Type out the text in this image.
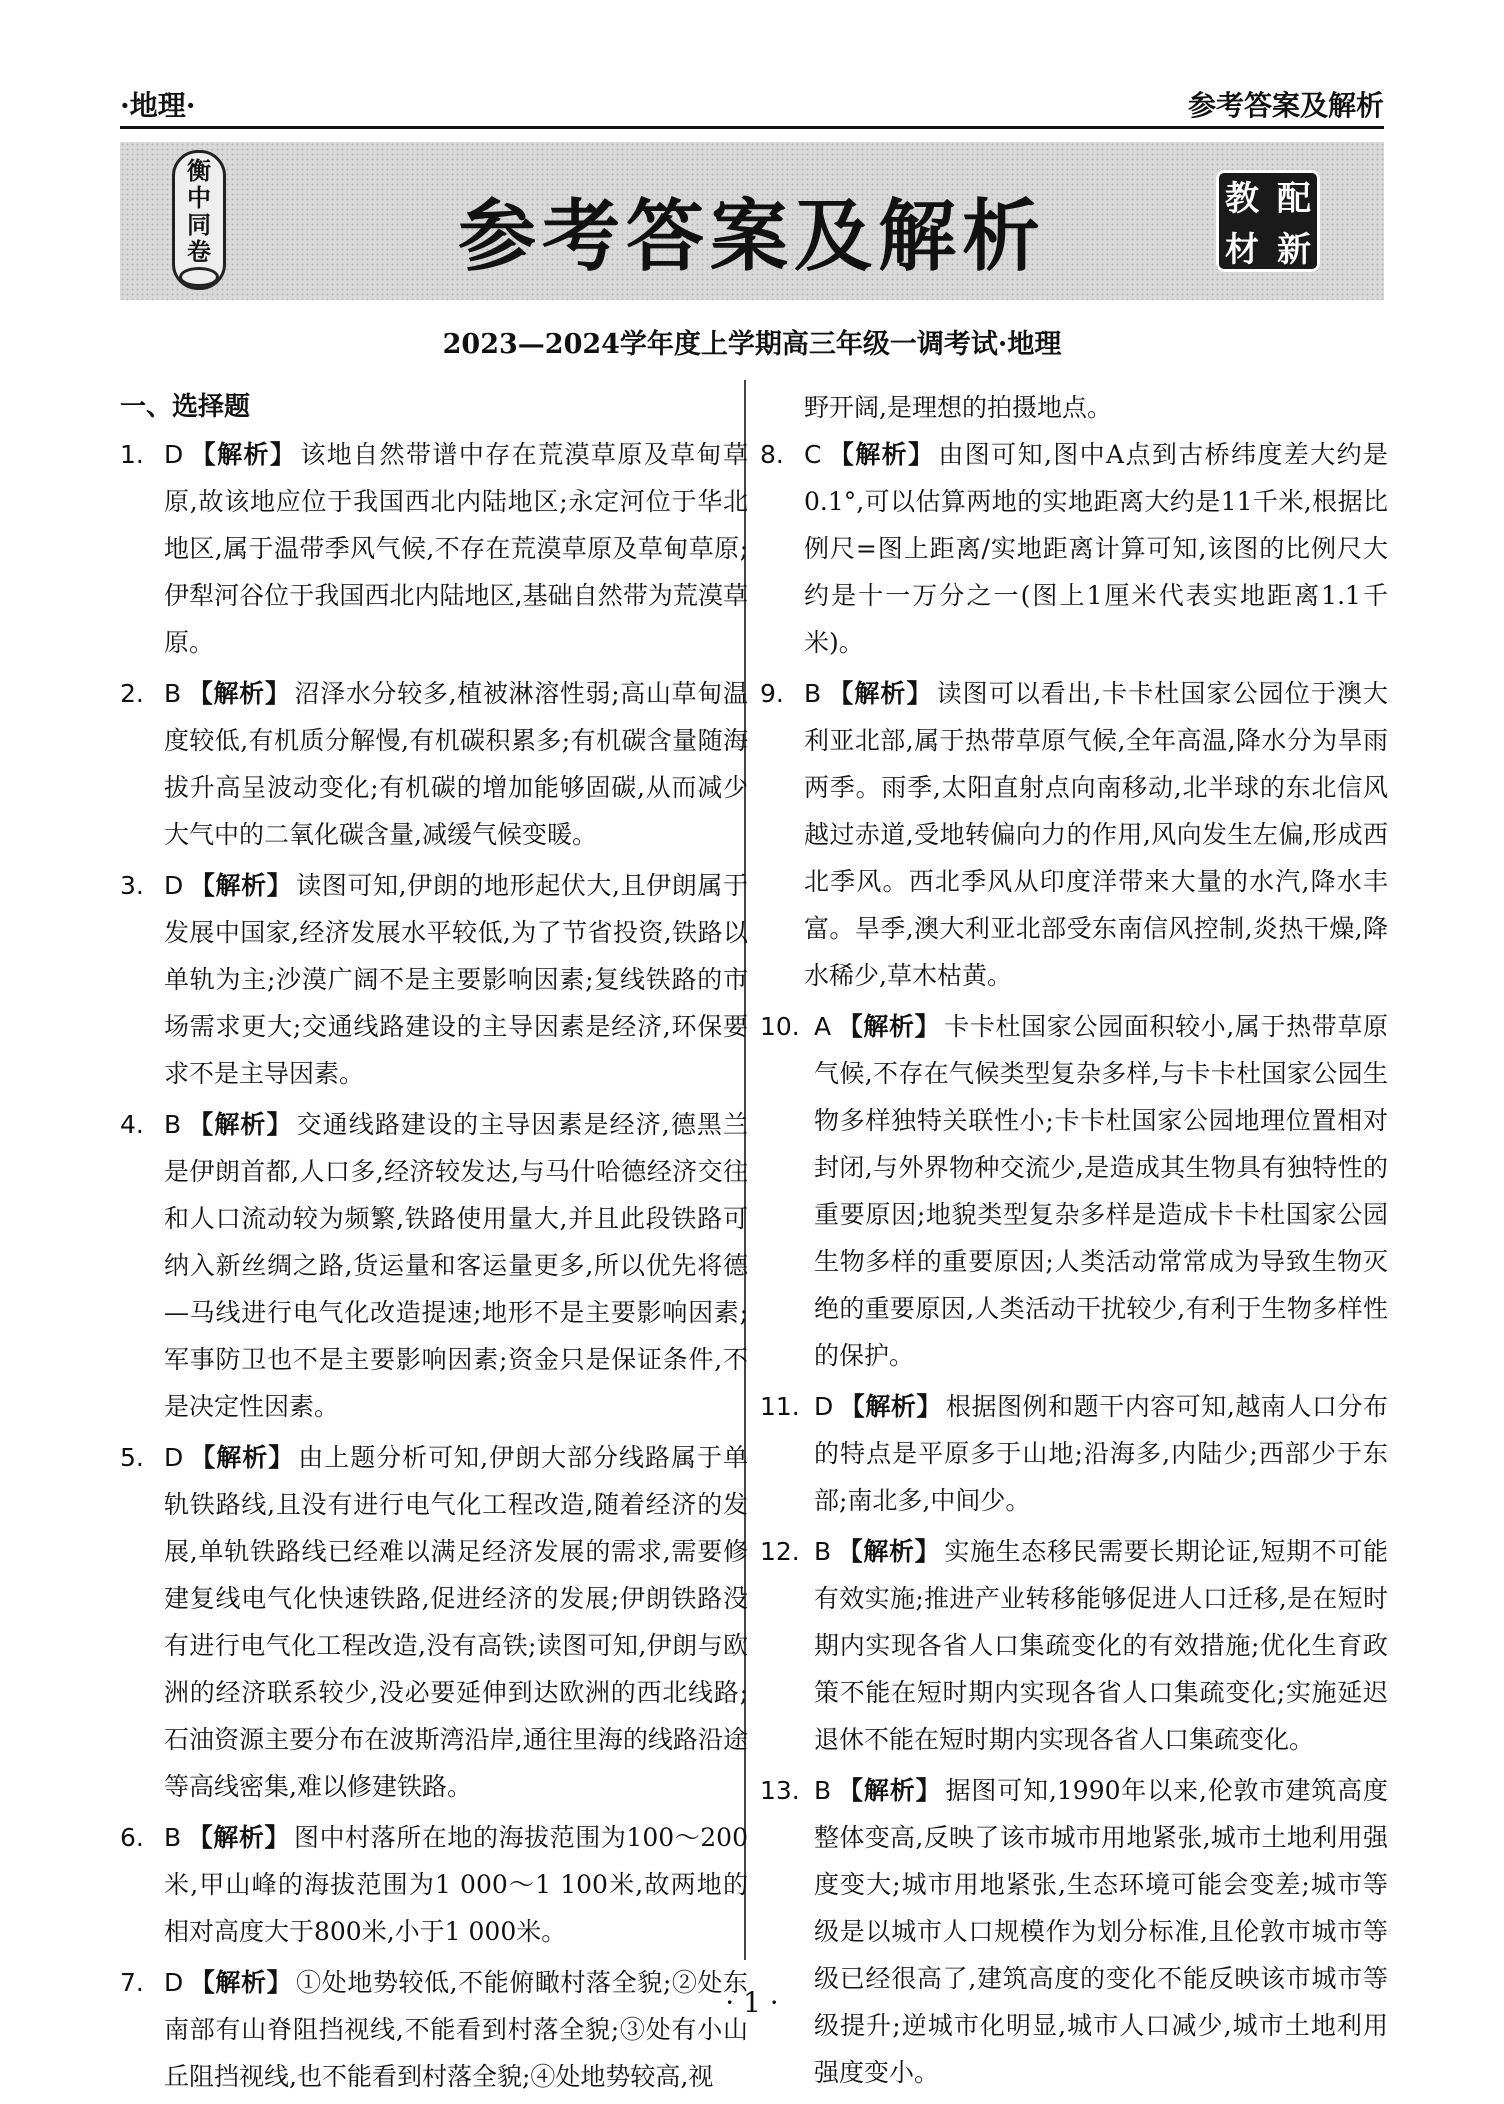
·地理·	参考答案及解析
衡
中
同
卷	参考答案及解析	教 配
材 新
2023—2024学年度上学期高三年级一调考试·地理
一、选择题
1. D 【解析】 该地自然带谱中存在荒漠草原及草甸草原,故该地应位于我国西北内陆地区;永定河位于华北地区,属于温带季风气候,不存在荒漠草原及草甸草原;伊犁河谷位于我国西北内陆地区,基础自然带为荒漠草原。
2. B 【解析】 沼泽水分较多,植被淋溶性弱;高山草甸温度较低,有机质分解慢,有机碳积累多;有机碳含量随海拔升高呈波动变化;有机碳的增加能够固碳,从而减少大气中的二氧化碳含量,减缓气候变暖。
3. D 【解析】 读图可知,伊朗的地形起伏大,且伊朗属于发展中国家,经济发展水平较低,为了节省投资,铁路以单轨为主;沙漠广阔不是主要影响因素;复线铁路的市场需求更大;交通线路建设的主导因素是经济,环保要求不是主导因素。
4. B 【解析】 交通线路建设的主导因素是经济,德黑兰是伊朗首都,人口多,经济较发达,与马什哈德经济交往和人口流动较为频繁,铁路使用量大,并且此段铁路可纳入新丝绸之路,货运量和客运量更多,所以优先将德—马线进行电气化改造提速;地形不是主要影响因素;军事防卫也不是主要影响因素;资金只是保证条件,不是决定性因素。
5. D 【解析】 由上题分析可知,伊朗大部分线路属于单轨铁路线,且没有进行电气化工程改造,随着经济的发展,单轨铁路线已经难以满足经济发展的需求,需要修建复线电气化快速铁路,促进经济的发展;伊朗铁路没有进行电气化工程改造,没有高铁;读图可知,伊朗与欧洲的经济联系较少,没必要延伸到达欧洲的西北线路;石油资源主要分布在波斯湾沿岸,通往里海的线路沿途等高线密集,难以修建铁路。
6. B 【解析】 图中村落所在地的海拔范围为100～200米,甲山峰的海拔范围为1 000～1 100米,故两地的相对高度大于800米,小于1 000米。
7. D 【解析】 ①处地势较低,不能俯瞰村落全貌;②处东南部有山脊阻挡视线,不能看到村落全貌;③处有小山丘阻挡视线,也不能看到村落全貌;④处地势较高,视
野开阔,是理想的拍摄地点。
8. C 【解析】 由图可知,图中A点到古桥纬度差大约是0.1°,可以估算两地的实地距离大约是11千米,根据比例尺=图上距离/实地距离计算可知,该图的比例尺大约是十一万分之一(图上1厘米代表实地距离1.1千米)。
9. B 【解析】 读图可以看出,卡卡杜国家公园位于澳大利亚北部,属于热带草原气候,全年高温,降水分为旱雨两季。雨季,太阳直射点向南移动,北半球的东北信风越过赤道,受地转偏向力的作用,风向发生左偏,形成西北季风。西北季风从印度洋带来大量的水汽,降水丰富。旱季,澳大利亚北部受东南信风控制,炎热干燥,降水稀少,草木枯黄。
10. A 【解析】 卡卡杜国家公园面积较小,属于热带草原气候,不存在气候类型复杂多样,与卡卡杜国家公园生物多样独特关联性小;卡卡杜国家公园地理位置相对封闭,与外界物种交流少,是造成其生物具有独特性的重要原因;地貌类型复杂多样是造成卡卡杜国家公园生物多样的重要原因;人类活动常常成为导致生物灭绝的重要原因,人类活动干扰较少,有利于生物多样性的保护。
11. D 【解析】 根据图例和题干内容可知,越南人口分布的特点是平原多于山地;沿海多,内陆少;西部少于东部;南北多,中间少。
12. B 【解析】 实施生态移民需要长期论证,短期不可能有效实施;推进产业转移能够促进人口迁移,是在短时期内实现各省人口集疏变化的有效措施;优化生育政策不能在短时期内实现各省人口集疏变化;实施延迟退休不能在短时期内实现各省人口集疏变化。
13. B 【解析】 据图可知,1990年以来,伦敦市建筑高度整体变高,反映了该市城市用地紧张,城市土地利用强度变大;城市用地紧张,生态环境可能会变差;城市等级是以城市人口规模作为划分标准,且伦敦市城市等级已经很高了,建筑高度的变化不能反映该市城市等级提升;逆城市化明显,城市人口减少,城市土地利用强度变小。
· 1 ·
